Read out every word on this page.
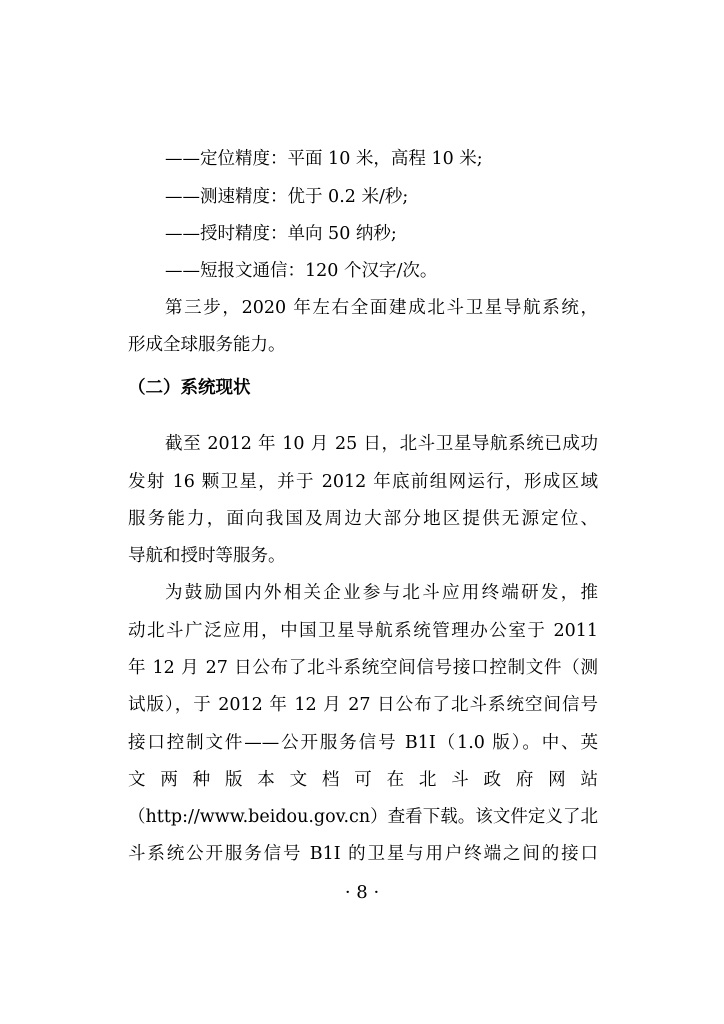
——定位精度：平面 10 米，高程 10 米;
——测速精度：优于 0.2 米/秒;
——授时精度：单向 50 纳秒;
——短报文通信：120 个汉字/次。
第三步，2020 年左右全面建成北斗卫星导航系统，
形成全球服务能力。
（二）系统现状
截至 2012 年 10 月 25 日，北斗卫星导航系统已成功
发射 16 颗卫星，并于 2012 年底前组网运行，形成区域
服务能力，面向我国及周边大部分地区提供无源定位、
导航和授时等服务。
为鼓励国内外相关企业参与北斗应用终端研发，推
动北斗广泛应用，中国卫星导航系统管理办公室于 2011
年 12 月 27 日公布了北斗系统空间信号接口控制文件（测
试版），于 2012 年 12 月 27 日公布了北斗系统空间信号
接口控制文件——公开服务信号 B1I（1.0 版）。中、英
文 两 种 版 本 文 档 可 在 北 斗 政 府 网 站
（http://www.beidou.gov.cn）查看下载。该文件定义了北
斗系统公开服务信号 B1I 的卫星与用户终端之间的接口
· 8 ·
